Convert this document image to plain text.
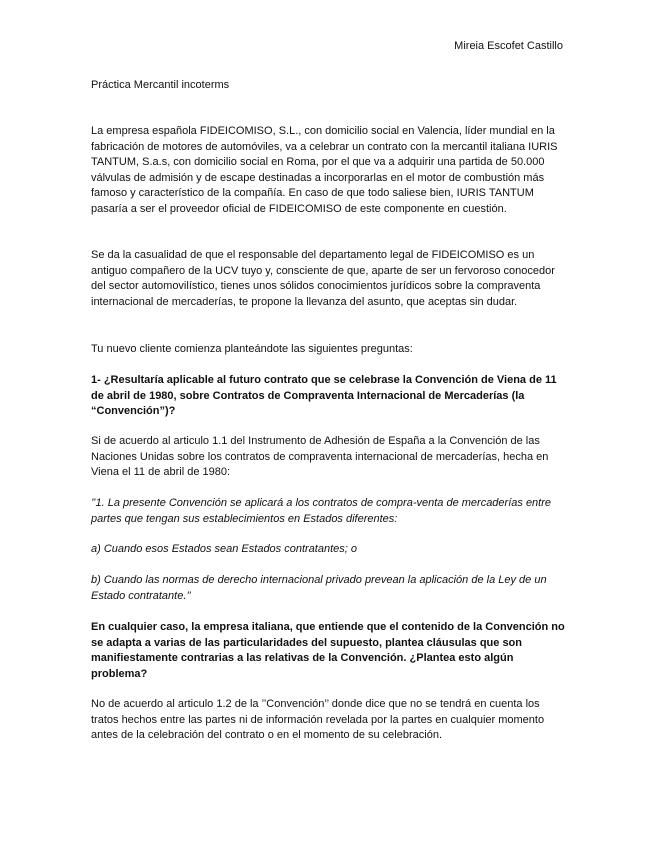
Mireia Escofet Castillo
Práctica Mercantil incoterms

La empresa española FIDEICOMISO, S.L., con domicilio social en Valencia, líder mundial en la fabricación de motores de automóviles, va a celebrar un contrato con la mercantil italiana IURIS TANTUM, S.a.s, con domicilio social en Roma, por el que va a adquirir una partida de 50.000 válvulas de admisión y de escape destinadas a incorporarlas en el motor de combustión más famoso y característico de la compañía. En caso de que todo saliese bien, IURIS TANTUM pasaría a ser el proveedor oficial de FIDEICOMISO de este componente en cuestión.

Se da la casualidad de que el responsable del departamento legal de FIDEICOMISO es un antiguo compañero de la UCV tuyo y, consciente de que, aparte de ser un fervoroso conocedor del sector automovilístico, tienes unos sólidos conocimientos jurídicos sobre la compraventa internacional de mercaderías, te propone la llevanza del asunto, que aceptas sin dudar.

Tu nuevo cliente comienza planteándote las siguientes preguntas:

1- ¿Resultaría aplicable al futuro contrato que se celebrase la Convención de Viena de 11 de abril de 1980, sobre Contratos de Compraventa Internacional de Mercaderías (la “Convención”)?

Si de acuerdo al articulo 1.1 del Instrumento de Adhesión de España a la Convención de las Naciones Unidas sobre los contratos de compraventa internacional de mercaderías, hecha en Viena el 11 de abril de 1980:

’’1. La presente Convención se aplicará a los contratos de compra-venta de mercaderías entre partes que tengan sus establecimientos en Estados diferentes:

a) Cuando esos Estados sean Estados contratantes; o

b) Cuando las normas de derecho internacional privado prevean la aplicación de la Ley de un Estado contratante.’’

En cualquier caso, la empresa italiana, que entiende que el contenido de la Convención no se adapta a varias de las particularidades del supuesto, plantea cláusulas que son manifiestamente contrarias a las relativas de la Convención. ¿Plantea esto algún problema?

No de acuerdo al articulo 1.2 de la ’’Convención’’ donde dice que no se tendrá en cuenta los tratos hechos entre las partes ni de información revelada por la partes en cualquier momento antes de la celebración del contrato o en el momento de su celebración.
